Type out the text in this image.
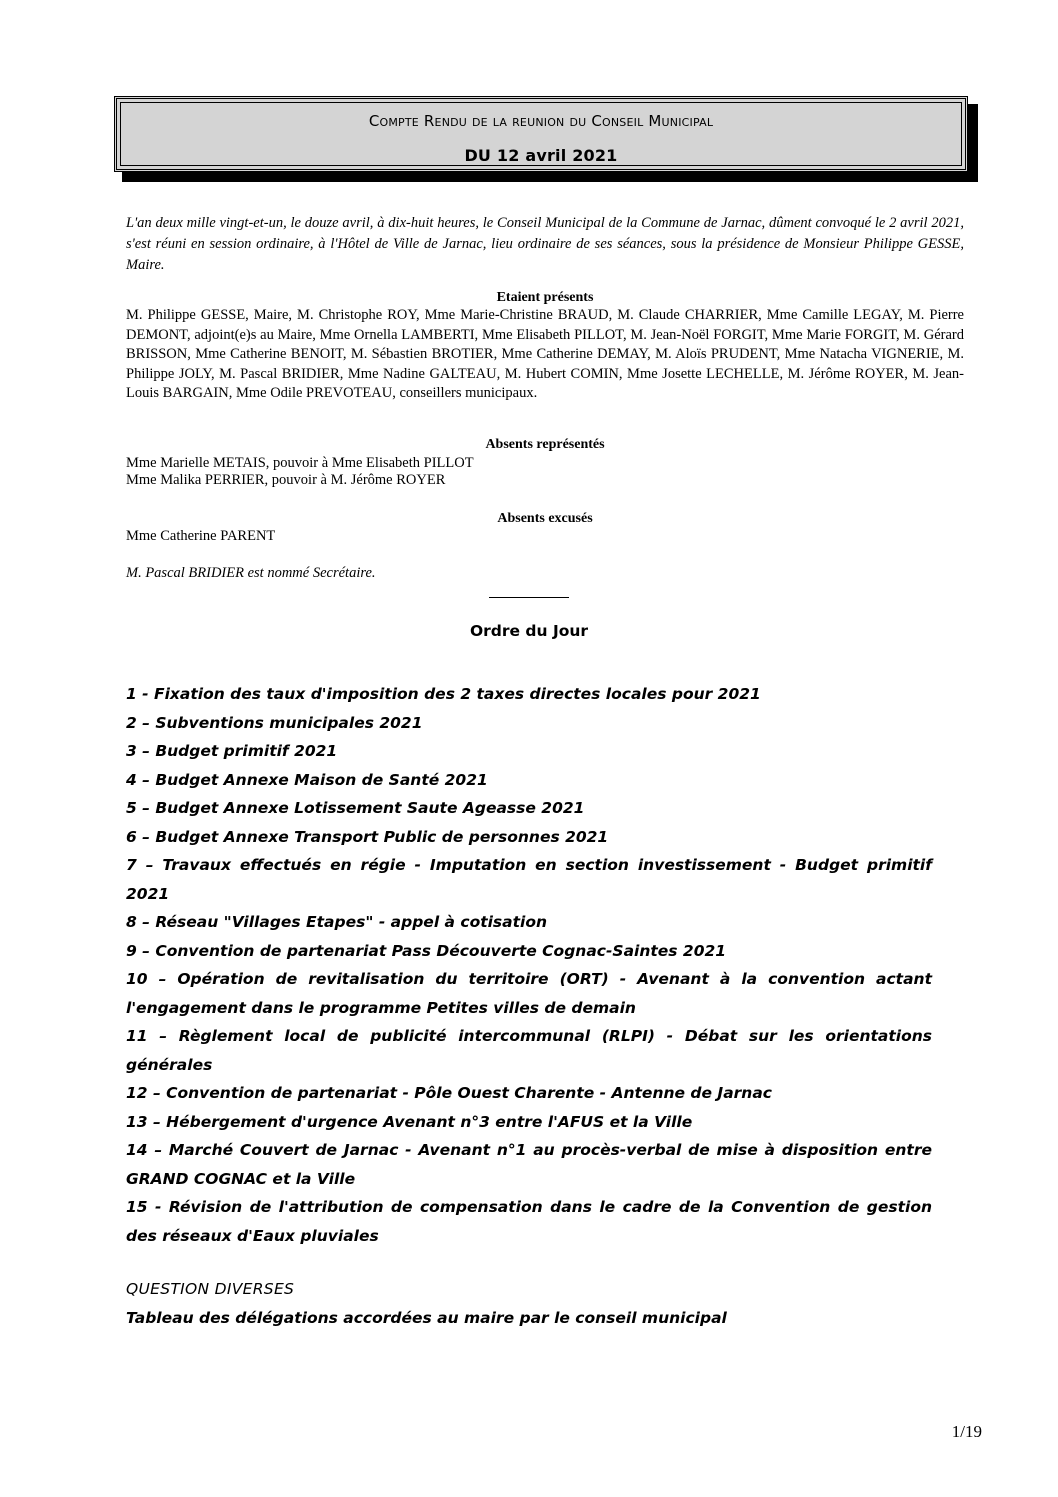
Compte Rendu de la reunion du Conseil Municipal
DU 12 avril 2021
L'an deux mille vingt-et-un, le douze avril, à dix-huit heures, le Conseil Municipal de la Commune de Jarnac, dûment convoqué le 2 avril 2021, s'est réuni en session ordinaire, à l'Hôtel de Ville de Jarnac, lieu ordinaire de ses séances, sous la présidence de Monsieur Philippe GESSE, Maire.
Etaient présents
M. Philippe GESSE, Maire, M. Christophe ROY, Mme Marie-Christine BRAUD, M. Claude CHARRIER, Mme Camille LEGAY, M. Pierre DEMONT, adjoint(e)s au Maire, Mme Ornella LAMBERTI, Mme Elisabeth PILLOT, M. Jean-Noël FORGIT, Mme Marie FORGIT, M. Gérard BRISSON, Mme Catherine BENOIT, M. Sébastien BROTIER, Mme Catherine DEMAY, M. Aloïs PRUDENT, Mme Natacha VIGNERIE, M. Philippe JOLY, M. Pascal BRIDIER, Mme Nadine GALTEAU, M. Hubert COMIN, Mme Josette LECHELLE, M. Jérôme ROYER, M. Jean-Louis BARGAIN, Mme Odile PREVOTEAU, conseillers municipaux.
Absents représentés
Mme Marielle METAIS, pouvoir à Mme Elisabeth PILLOT
Mme Malika PERRIER, pouvoir à M. Jérôme ROYER
Absents excusés
Mme Catherine PARENT
M. Pascal BRIDIER est nommé Secrétaire.
Ordre du Jour
1 - Fixation des taux d'imposition des 2 taxes directes locales pour 2021
2 – Subventions municipales 2021
3 – Budget primitif 2021
4 – Budget Annexe Maison de Santé 2021
5 – Budget Annexe Lotissement Saute Ageasse 2021
6 – Budget Annexe Transport Public de personnes 2021
7 – Travaux effectués en régie - Imputation en section investissement - Budget primitif 2021
8 – Réseau "Villages Etapes" - appel à cotisation
9 – Convention de partenariat Pass Découverte Cognac-Saintes 2021
10 – Opération de revitalisation du territoire (ORT) - Avenant à la convention actant l'engagement dans le programme Petites villes de demain
11 – Règlement local de publicité intercommunal (RLPI) - Débat sur les orientations générales
12 – Convention de partenariat - Pôle Ouest Charente - Antenne de Jarnac
13 – Hébergement d'urgence Avenant n°3 entre l'AFUS et la Ville
14 – Marché Couvert de Jarnac - Avenant n°1 au procès-verbal de mise à disposition entre GRAND COGNAC et la Ville
15 - Révision de l'attribution de compensation dans le cadre de la Convention de gestion des réseaux d'Eaux pluviales
QUESTION DIVERSES
Tableau des délégations accordées au maire par le conseil municipal
1/19
